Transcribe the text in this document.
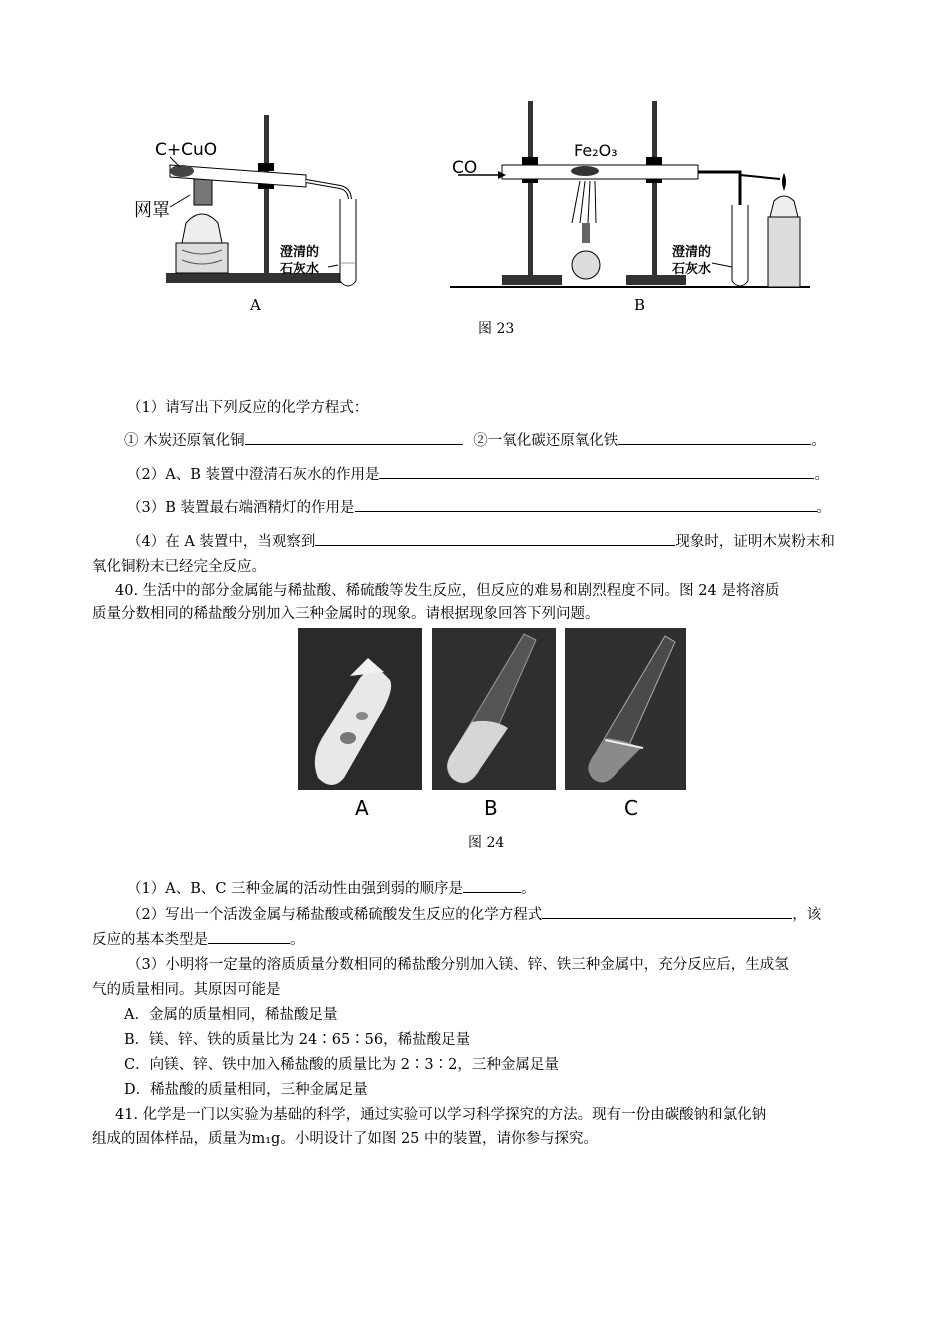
C+CuO
网罩
澄清的
石灰水
A
CO
Fe₂O₃
澄清的
石灰水
B
图 23
（1）请写出下列反应的化学方程式：
① 木炭还原氧化铜	②一氧化碳还原氧化铁	。
（2）A、B 装置中澄清石灰水的作用是	。
（3）B 装置最右端酒精灯的作用是	。
（4）在 A 装置中，当观察到	现象时，证明木炭粉末和
氧化铜粉末已经完全反应。
40. 生活中的部分金属能与稀盐酸、稀硫酸等发生反应，但反应的难易和剧烈程度不同。图 24 是将溶质
质量分数相同的稀盐酸分别加入三种金属时的现象。请根据现象回答下列问题。
A	B	C
图 24
（1）A、B、C 三种金属的活动性由强到弱的顺序是	。
（2）写出一个活泼金属与稀盐酸或稀硫酸发生反应的化学方程式	，该
反应的基本类型是	。
（3）小明将一定量的溶质质量分数相同的稀盐酸分别加入镁、锌、铁三种金属中，充分反应后，生成氢
气的质量相同。其原因可能是
A．金属的质量相同，稀盐酸足量
B．镁、锌、铁的质量比为 24∶65∶56，稀盐酸足量
C．向镁、锌、铁中加入稀盐酸的质量比为 2∶3∶2，三种金属足量
D．稀盐酸的质量相同，三种金属足量
41. 化学是一门以实验为基础的科学，通过实验可以学习科学探究的方法。现有一份由碳酸钠和氯化钠
组成的固体样品，质量为m₁g。小明设计了如图 25 中的装置，请你参与探究。
